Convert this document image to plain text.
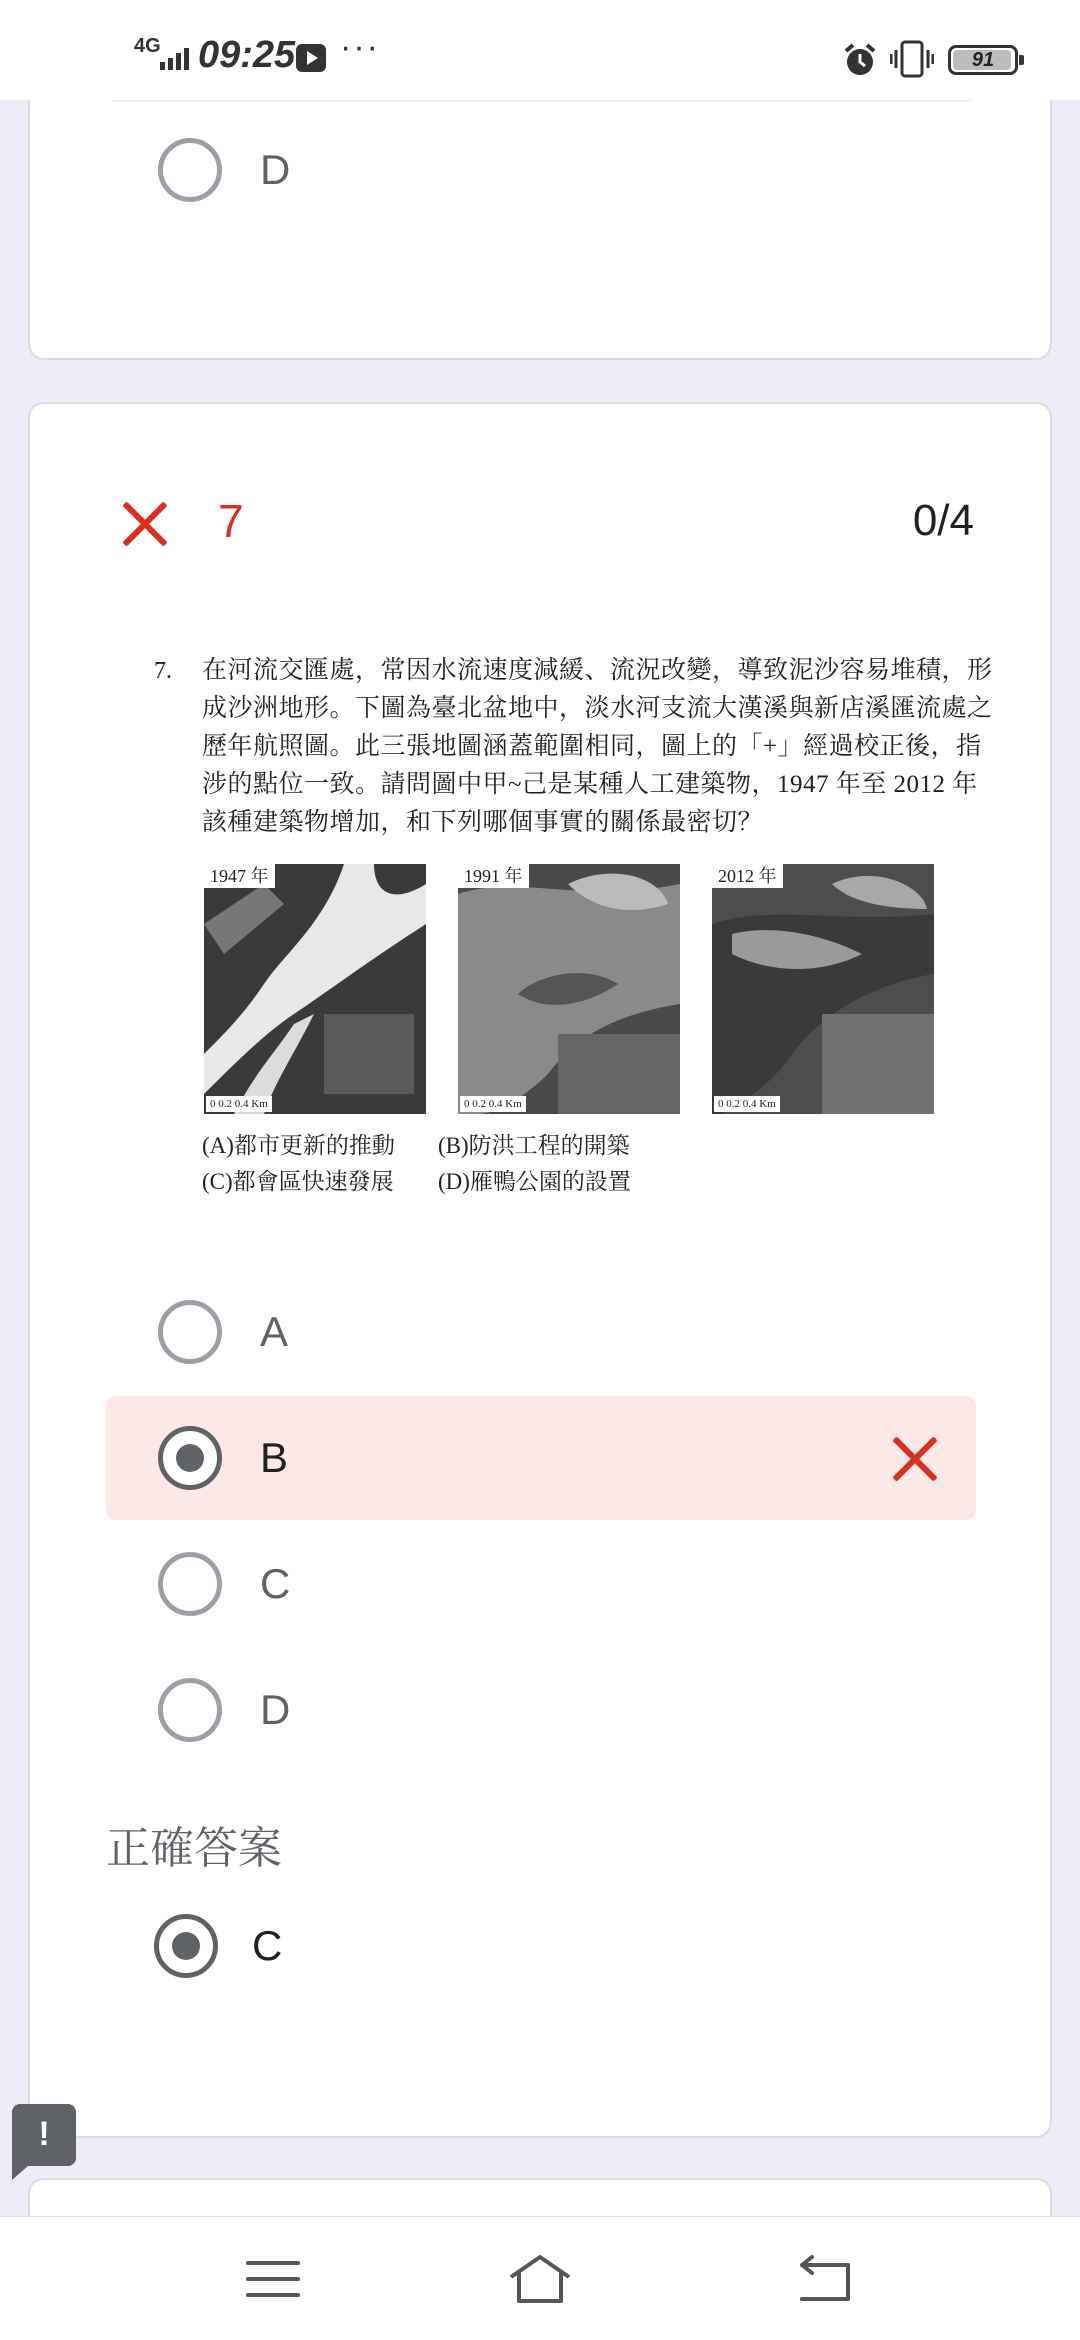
4G 09:25 ···	91
D
7	0/4
7. 在河流交匯處，常因水流速度減緩、流況改變，導致泥沙容易堆積，形成沙洲地形。下圖為臺北盆地中，淡水河支流大漢溪與新店溪匯流處之歷年航照圖。此三張地圖涵蓋範圍相同，圖上的「+」經過校正後，指涉的點位一致。請問圖中甲~己是某種人工建築物，1947 年至 2012 年該種建築物增加，和下列哪個事實的關係最密切？
1947 年
0 0.2 0.4 Km
1991 年
0 0.2 0.4 Km
2012 年
0 0.2 0.4 Km
(A)都市更新的推動 (B)防洪工程的開築
(C)都會區快速發展 (D)雁鴨公園的設置
A
B
C
D
正確答案
C
!
